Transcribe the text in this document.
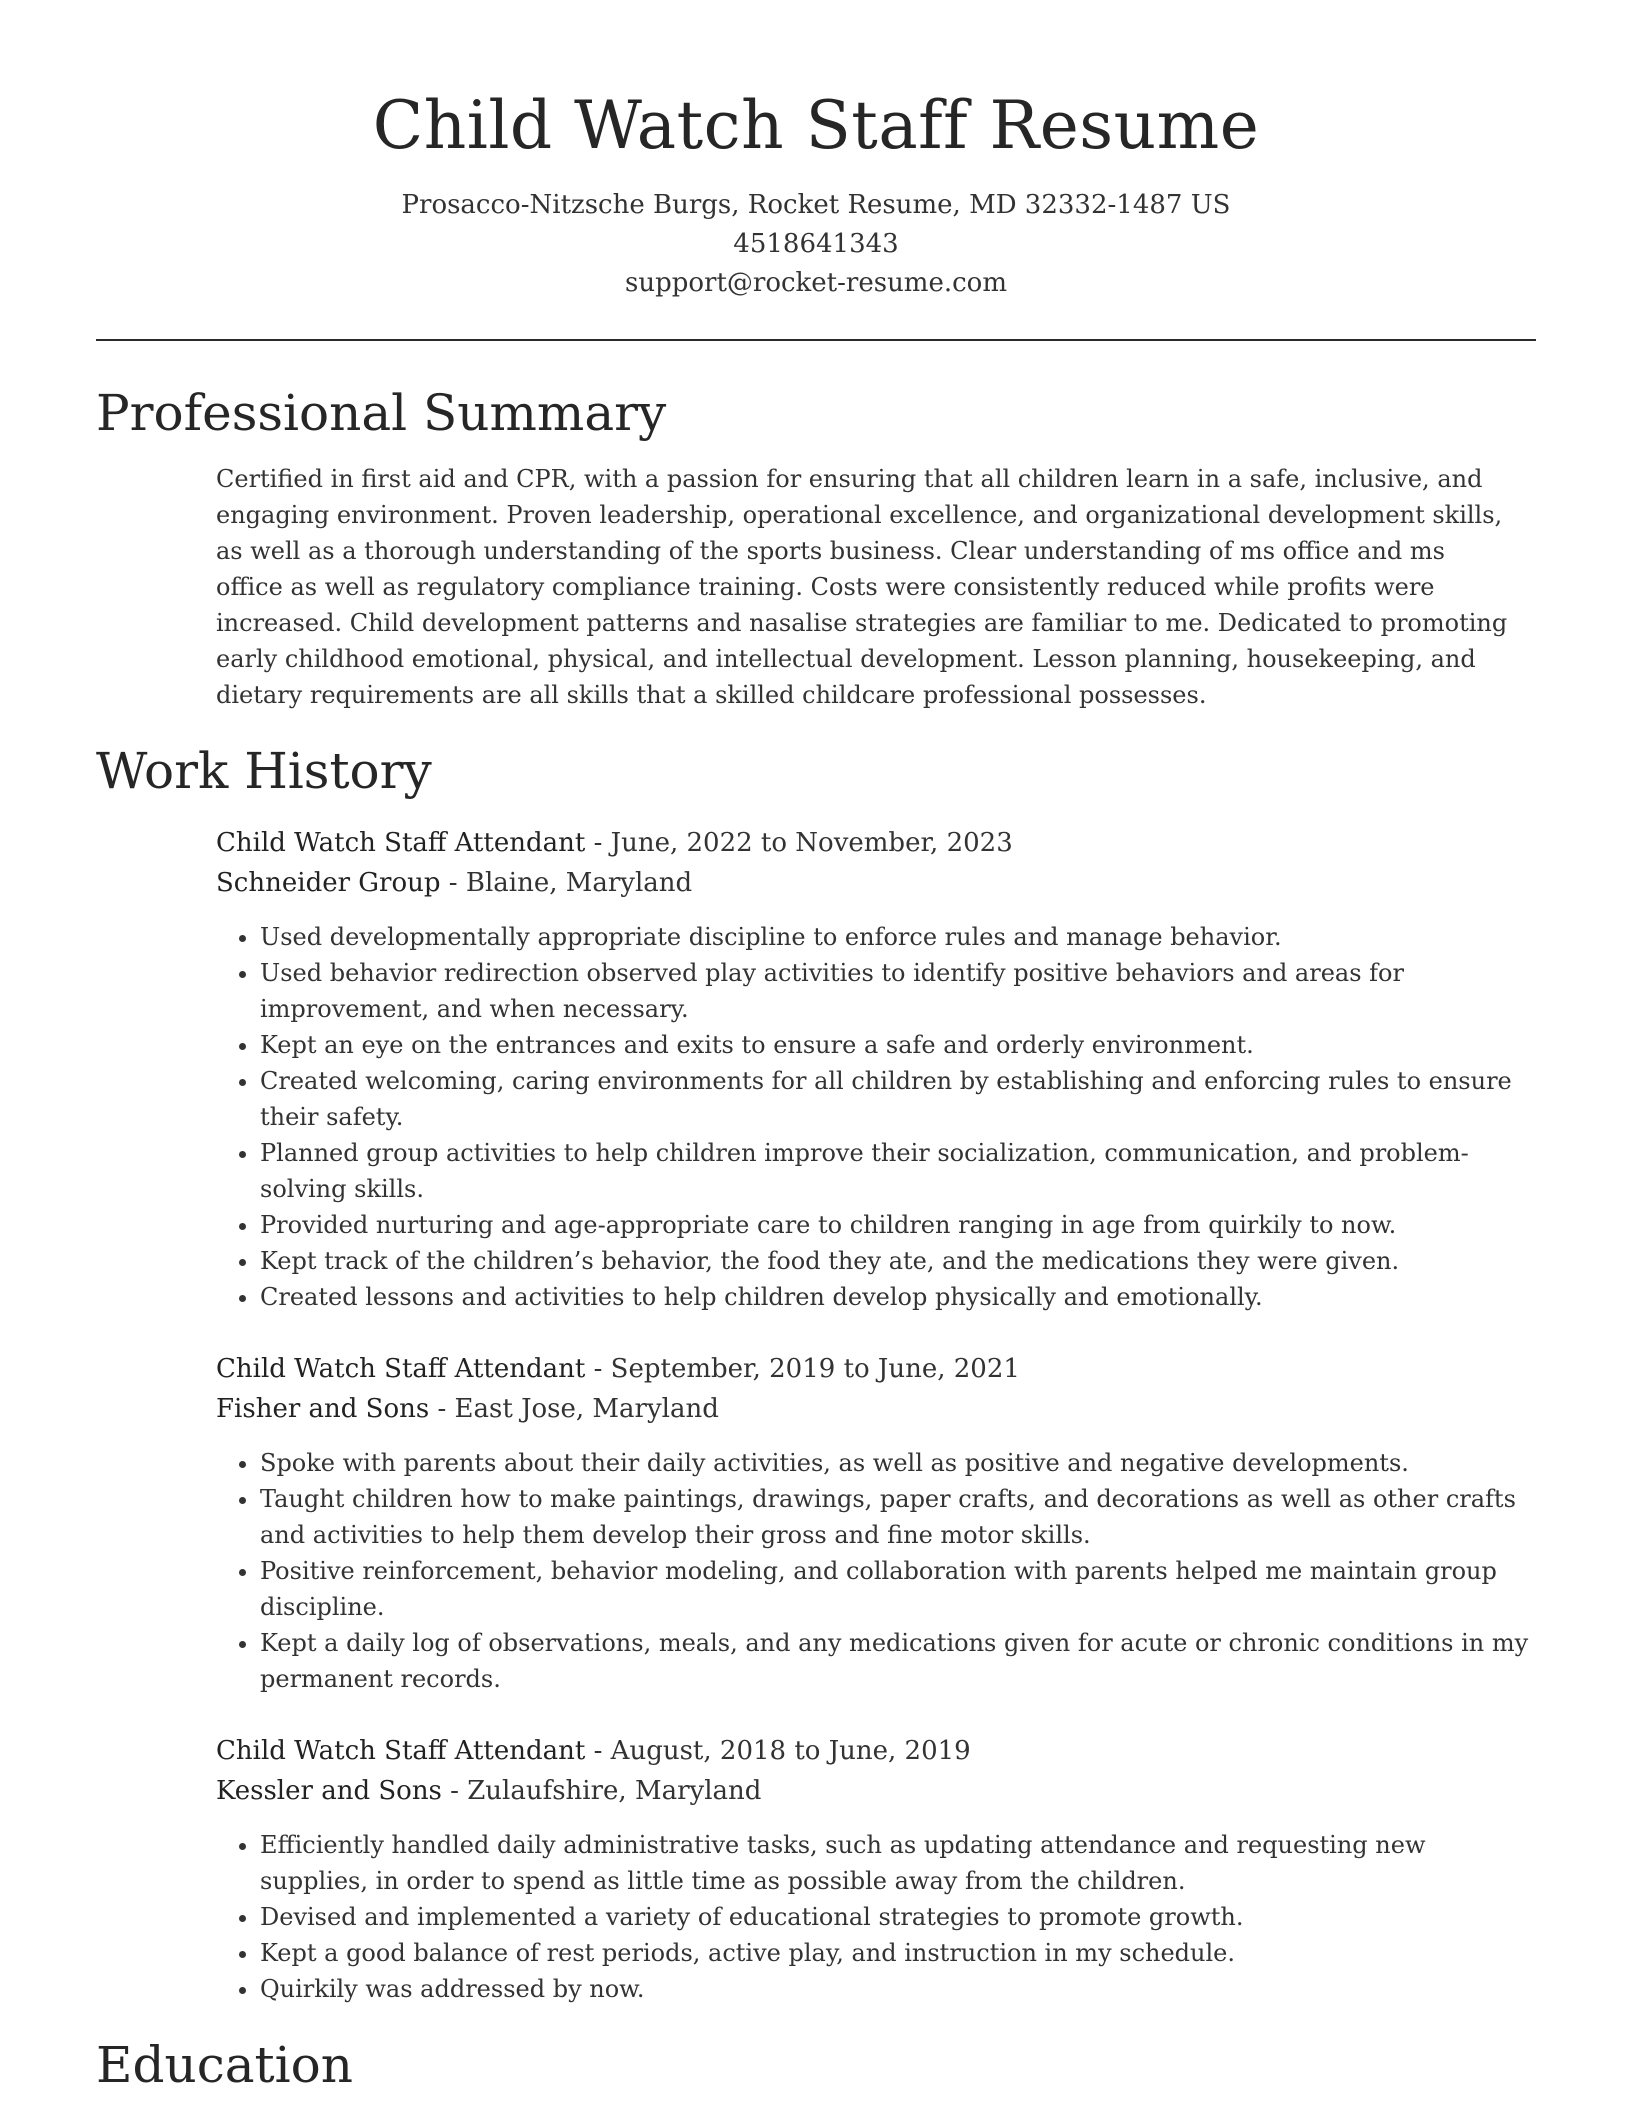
Child Watch Staff Resume
Prosacco-Nitzsche Burgs, Rocket Resume, MD 32332-1487 US
4518641343
support@rocket-resume.com
Professional Summary

Certified in first aid and CPR, with a passion for ensuring that all children learn in a safe, inclusive, and engaging environment. Proven leadership, operational excellence, and organizational development skills, as well as a thorough understanding of the sports business. Clear understanding of ms office and ms office as well as regulatory compliance training. Costs were consistently reduced while profits were increased. Child development patterns and nasalise strategies are familiar to me. Dedicated to promoting early childhood emotional, physical, and intellectual development. Lesson planning, housekeeping, and dietary requirements are all skills that a skilled childcare professional possesses.

Work History
Child Watch Staff Attendant - June, 2022 to November, 2023
Schneider Group - Blaine, Maryland
• Used developmentally appropriate discipline to enforce rules and manage behavior.
• Used behavior redirection observed play activities to identify positive behaviors and areas for improvement, and when necessary.
• Kept an eye on the entrances and exits to ensure a safe and orderly environment.
• Created welcoming, caring environments for all children by establishing and enforcing rules to ensure their safety.
• Planned group activities to help children improve their socialization, communication, and problem-solving skills.
• Provided nurturing and age-appropriate care to children ranging in age from quirkily to now.
• Kept track of the children’s behavior, the food they ate, and the medications they were given.
• Created lessons and activities to help children develop physically and emotionally.
Child Watch Staff Attendant - September, 2019 to June, 2021
Fisher and Sons - East Jose, Maryland
• Spoke with parents about their daily activities, as well as positive and negative developments.
• Taught children how to make paintings, drawings, paper crafts, and decorations as well as other crafts and activities to help them develop their gross and fine motor skills.
• Positive reinforcement, behavior modeling, and collaboration with parents helped me maintain group discipline.
• Kept a daily log of observations, meals, and any medications given for acute or chronic conditions in my permanent records.
Child Watch Staff Attendant - August, 2018 to June, 2019
Kessler and Sons - Zulaufshire, Maryland
• Efficiently handled daily administrative tasks, such as updating attendance and requesting new supplies, in order to spend as little time as possible away from the children.
• Devised and implemented a variety of educational strategies to promote growth.
• Kept a good balance of rest periods, active play, and instruction in my schedule.
• Quirkily was addressed by now.
Education
